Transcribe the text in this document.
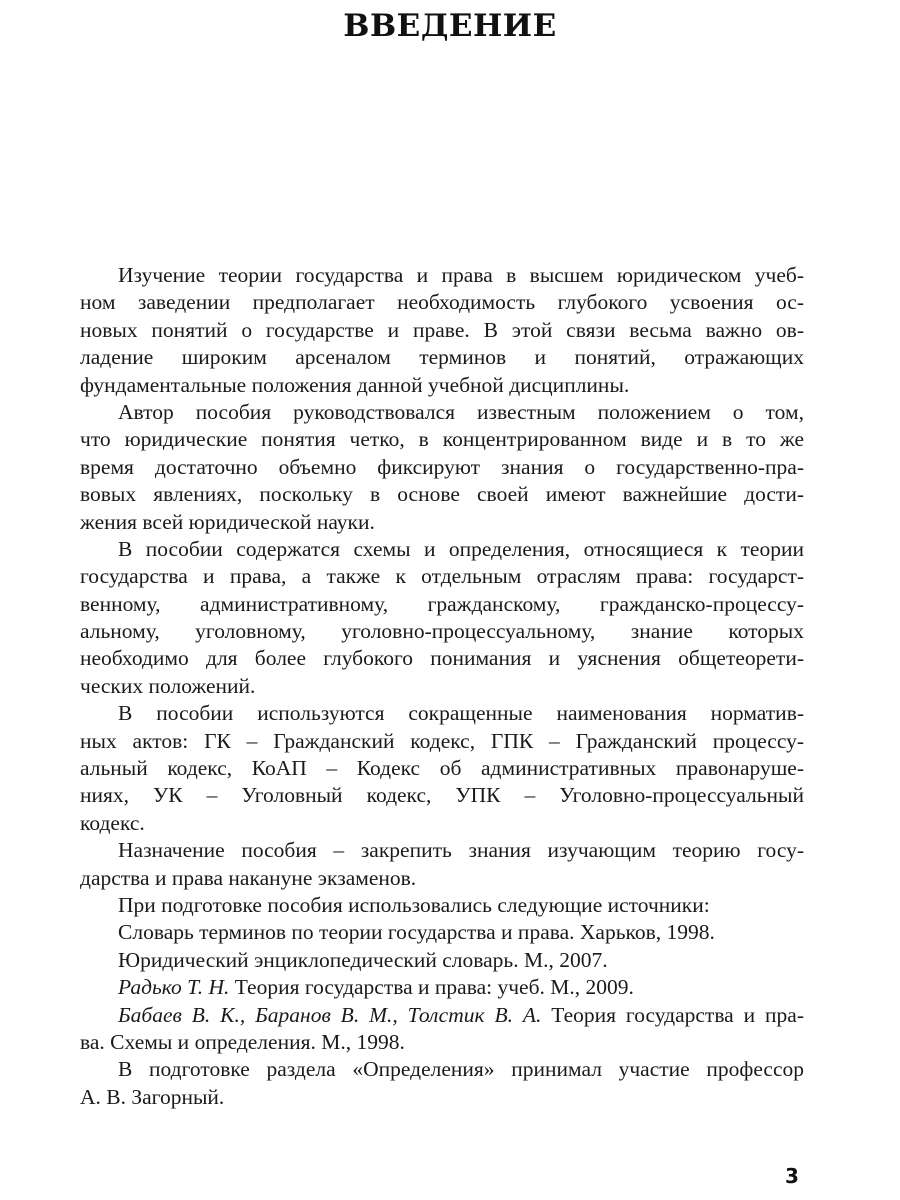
ВВЕДЕНИЕ
Изучение теории государства и права в высшем юридическом учеб-
ном заведении предполагает необходимость глубокого усвоения ос-
новых понятий о государстве и праве. В этой связи весьма важно ов-
ладение широким арсеналом терминов и понятий, отражающих
фундаментальные положения данной учебной дисциплины.
Автор пособия руководствовался известным положением о том,
что юридические понятия четко, в концентрированном виде и в то же
время достаточно объемно фиксируют знания о государственно-пра-
вовых явлениях, поскольку в основе своей имеют важнейшие дости-
жения всей юридической науки.
В пособии содержатся схемы и определения, относящиеся к теории
государства и права, а также к отдельным отраслям права: государст-
венному, административному, гражданскому, гражданско-процессу-
альному, уголовному, уголовно-процессуальному, знание которых
необходимо для более глубокого понимания и уяснения общетеорети-
ческих положений.
В пособии используются сокращенные наименования норматив-
ных актов: ГК – Гражданский кодекс, ГПК – Гражданский процессу-
альный кодекс, КоАП – Кодекс об административных правонаруше-
ниях, УК – Уголовный кодекс, УПК – Уголовно-процессуальный
кодекс.
Назначение пособия – закрепить знания изучающим теорию госу-
дарства и права накануне экзаменов.
При подготовке пособия использовались следующие источники:
Словарь терминов по теории государства и права. Харьков, 1998.
Юридический энциклопедический словарь. М., 2007.
Радько Т. Н. Теория государства и права: учеб. М., 2009.
Бабаев В. К., Баранов В. М., Толстик В. А. Теория государства и пра-
ва. Схемы и определения. М., 1998.
В подготовке раздела «Определения» принимал участие профессор
А. В. Загорный.
3
